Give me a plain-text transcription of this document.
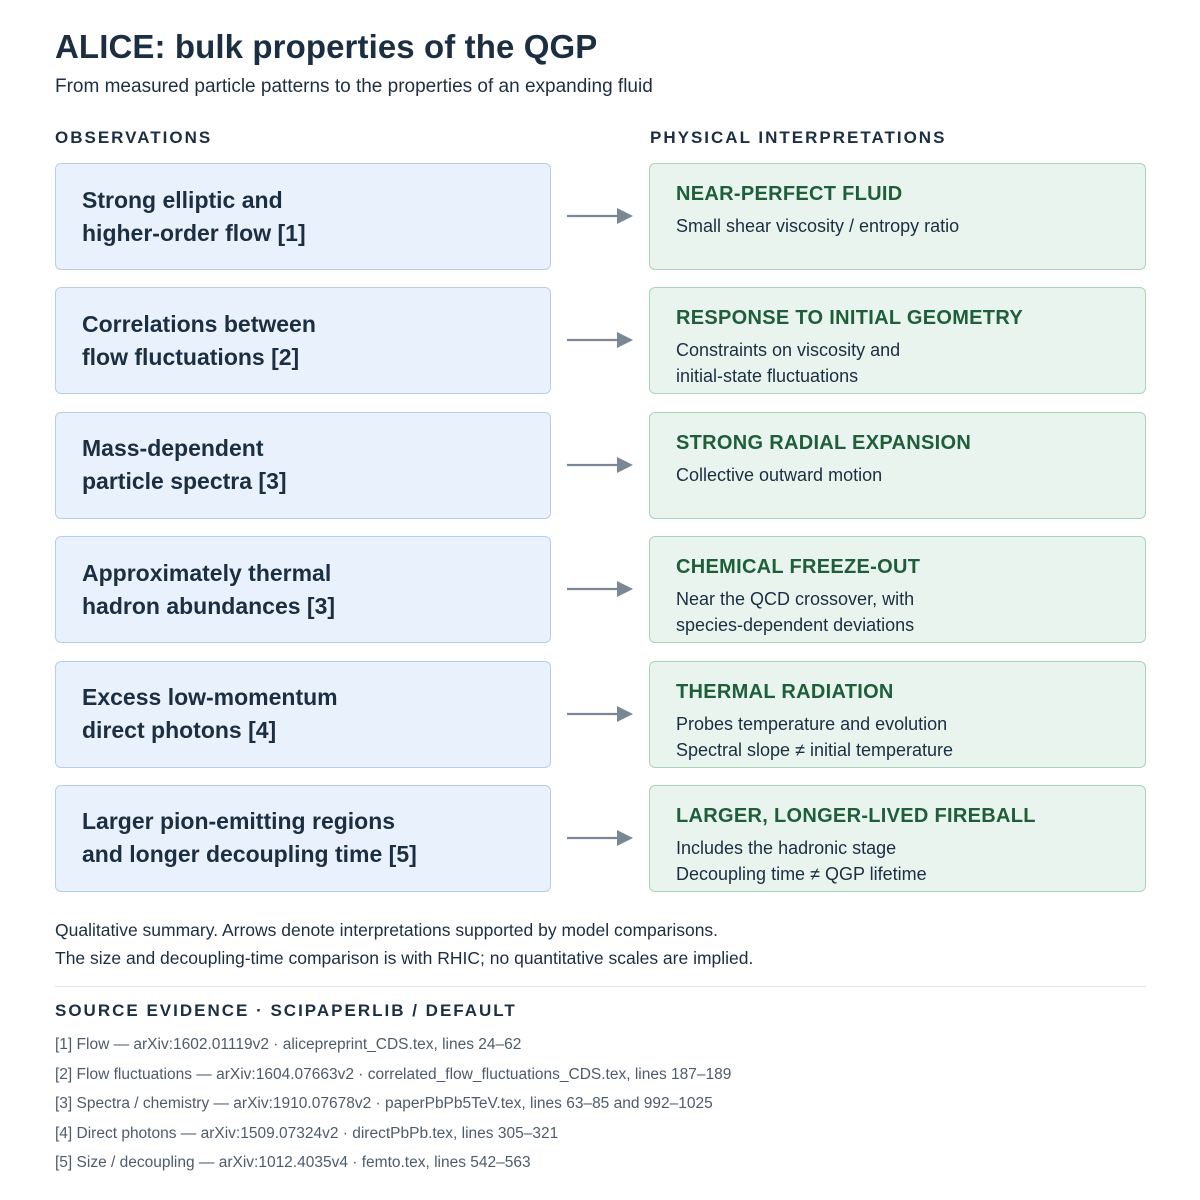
ALICE: bulk properties of the QGP

From measured particle patterns to the properties of an expanding fluid

OBSERVATIONS	PHYSICAL INTERPRETATIONS
Strong elliptic and
higher-order flow [1]
NEAR-PERFECT FLUID
Small shear viscosity / entropy ratio
Correlations between
flow fluctuations [2]
RESPONSE TO INITIAL GEOMETRY
Constraints on viscosity and
initial-state fluctuations
Mass-dependent
particle spectra [3]
STRONG RADIAL EXPANSION
Collective outward motion
Approximately thermal
hadron abundances [3]
CHEMICAL FREEZE-OUT
Near the QCD crossover, with
species-dependent deviations
Excess low-momentum
direct photons [4]
THERMAL RADIATION
Probes temperature and evolution
Spectral slope ≠ initial temperature
Larger pion-emitting regions
and longer decoupling time [5]
LARGER, LONGER-LIVED FIREBALL
Includes the hadronic stage
Decoupling time ≠ QGP lifetime
Qualitative summary. Arrows denote interpretations supported by model comparisons.
The size and decoupling-time comparison is with RHIC; no quantitative scales are implied.
SOURCE EVIDENCE · SCIPAPERLIB / DEFAULT
[1] Flow — arXiv:1602.01119v2 · alicepreprint_CDS.tex, lines 24–62
[2] Flow fluctuations — arXiv:1604.07663v2 · correlated_flow_fluctuations_CDS.tex, lines 187–189
[3] Spectra / chemistry — arXiv:1910.07678v2 · paperPbPb5TeV.tex, lines 63–85 and 992–1025
[4] Direct photons — arXiv:1509.07324v2 · directPbPb.tex, lines 305–321
[5] Size / decoupling — arXiv:1012.4035v4 · femto.tex, lines 542–563
